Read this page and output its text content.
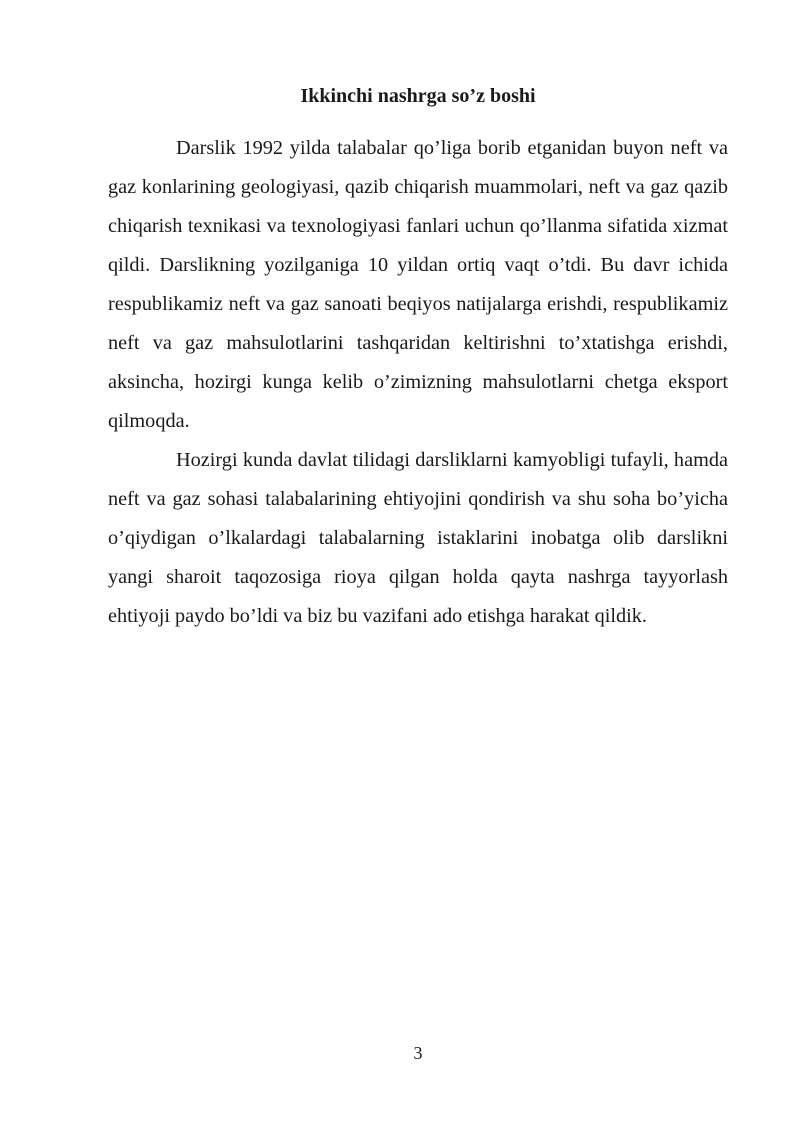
Ikkinchi nashrga so’z boshi

Darslik 1992 yilda talabalar qo’liga borib etganidan buyon neft va gaz konlarining geologiyasi, qazib chiqarish muammolari, neft va gaz qazib chiqarish texnikasi va texnologiyasi fanlari uchun qo’llanma sifatida xizmat qildi. Darslikning yozilganiga 10 yildan ortiq vaqt o’tdi. Bu davr ichida respublikamiz neft va gaz sanoati beqiyos natijalarga erishdi, respublikamiz neft va gaz mahsulotlarini tashqaridan keltirishni to’xtatishga erishdi, aksincha, hozirgi kunga kelib o’zimizning mahsulotlarni chetga eksport qilmoqda.

Hozirgi kunda davlat tilidagi darsliklarni kamyobligi tufayli, hamda neft va gaz sohasi talabalarining ehtiyojini qondirish va shu soha bo’yicha o’qiydigan o’lkalardagi talabalarning istaklarini inobatga olib darslikni yangi sharoit taqozosiga rioya qilgan holda qayta nashrga tayyorlash ehtiyoji paydo bo’ldi va biz bu vazifani ado etishga harakat qildik.

3
